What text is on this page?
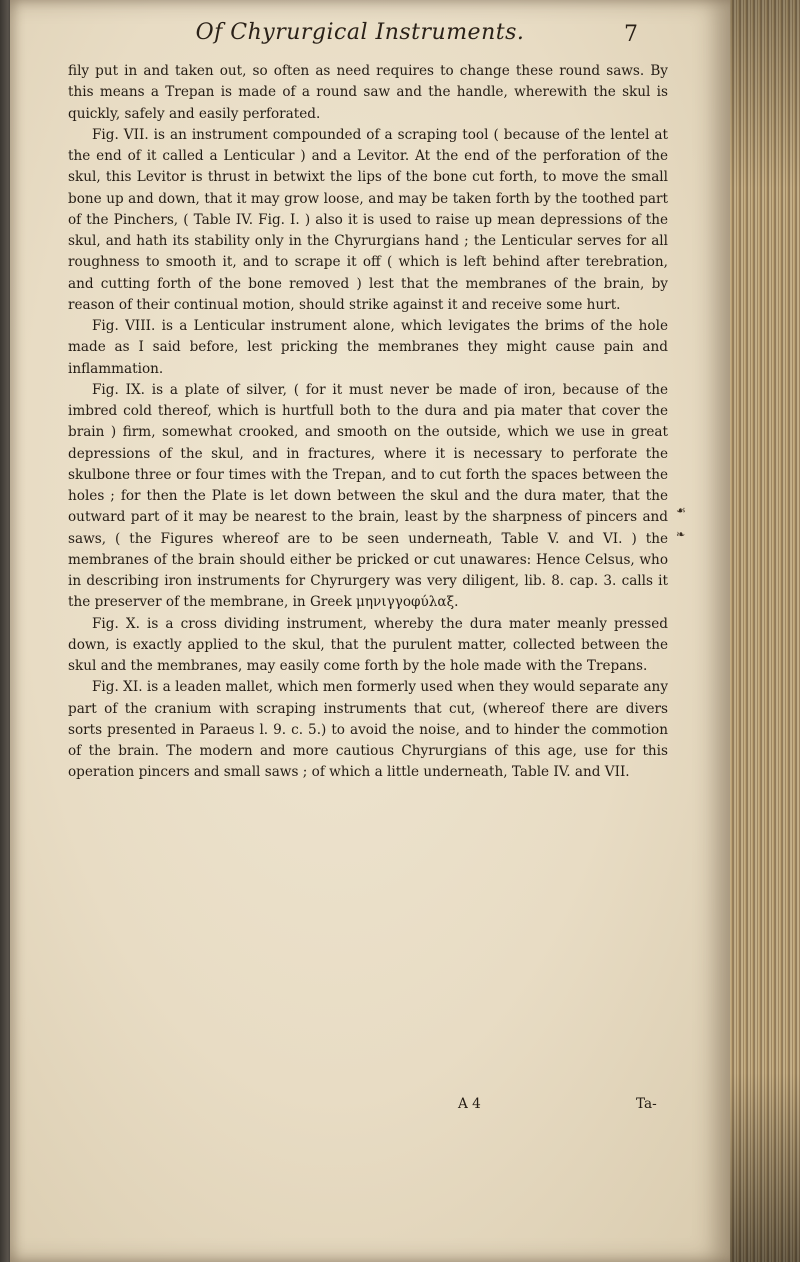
Of Chyrurgical Instruments.	7

fily put in and taken out, so often as need requires to change these round saws. By this means a Trepan is made of a round saw and the handle, wherewith the skul is quickly, safely and easily perforated.

Fig. VII. is an instrument compounded of a scraping tool ( because of the lentel at the end of it called a Lenticular ) and a Levitor. At the end of the perforation of the skul, this Levitor is thrust in betwixt the lips of the bone cut forth, to move the small bone up and down, that it may grow loose, and may be taken forth by the toothed part of the Pinchers, ( Table IV. Fig. I. ) also it is used to raise up mean depressions of the skul, and hath its stability only in the Chyrurgians hand ; the Lenticular serves for all roughness to smooth it, and to scrape it off ( which is left behind after terebration, and cutting forth of the bone removed ) lest that the membranes of the brain, by reason of their continual motion, should strike against it and receive some hurt.

Fig. VIII. is a Lenticular instrument alone, which levigates the brims of the hole made as I said before, lest pricking the membranes they might cause pain and inflammation.

Fig. IX. is a plate of silver, ( for it must never be made of iron, because of the imbred cold thereof, which is hurtfull both to the dura and pia mater that cover the brain ) firm, somewhat crooked, and smooth on the outside, which we use in great depressions of the skul, and in fractures, where it is necessary to perforate the skulbone three or four times with the Trepan, and to cut forth the spaces between the holes ; for then the Plate is let down between the skul and the dura mater, that the outward part of it may be nearest to the brain, least by the sharpness of pincers and saws, ( the Figures whereof are to be seen underneath, Table V. and VI. ) the membranes of the brain should either be pricked or cut unawares: Hence Celsus, who in describing iron instruments for Chyrurgery was very diligent, lib. 8. cap. 3. calls it the preserver of the membrane, in Greek μηνιγγοφύλαξ.

Fig. X. is a cross dividing instrument, whereby the dura mater meanly pressed down, is exactly applied to the skul, that the purulent matter, collected between the skul and the membranes, may easily come forth by the hole made with the Trepans.

Fig. XI. is a leaden mallet, which men formerly used when they would separate any part of the cranium with scraping instruments that cut, (whereof there are divers sorts presented in Paraeus l. 9. c. 5.) to avoid the noise, and to hinder the commotion of the brain. The modern and more cautious Chyrurgians of this age, use for this operation pincers and small saws ; of which a little underneath, Table IV. and VII.

☙
❧
A 4	Ta-
